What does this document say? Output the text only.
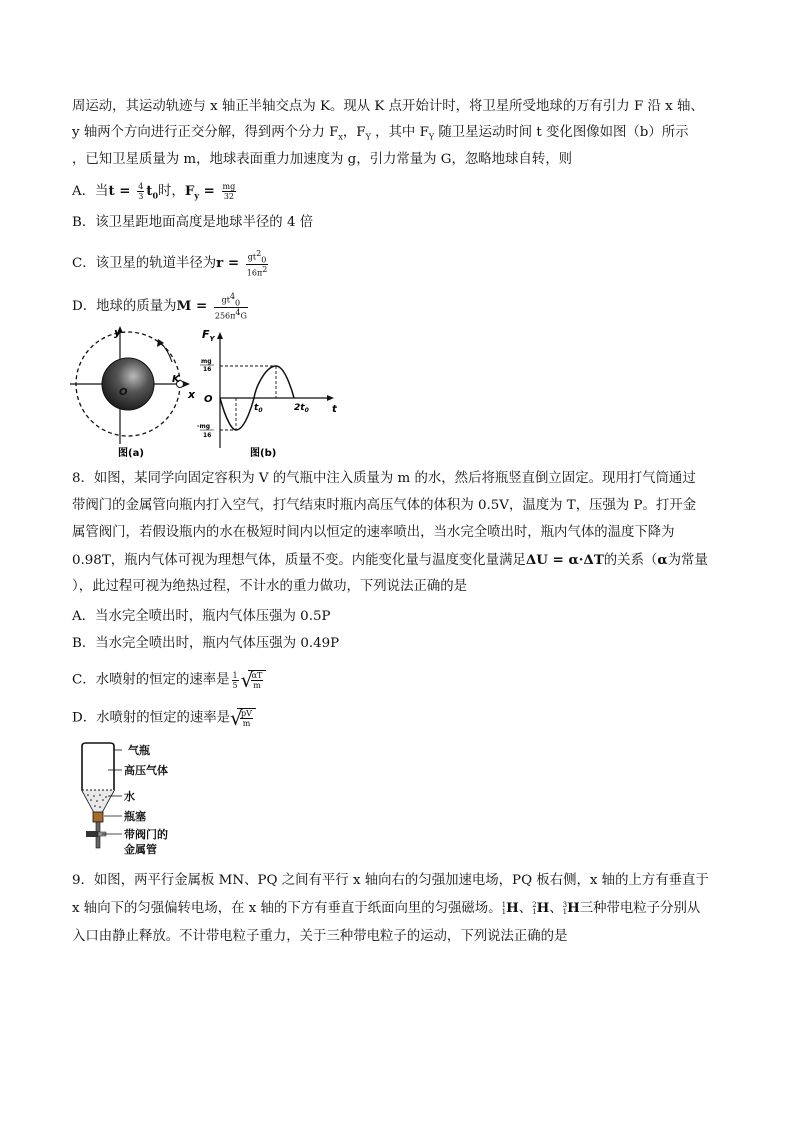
周运动，其运动轨迹与 x 轴正半轴交点为 K。现从 K 点开始计时，将卫星所受地球的万有引力 F 沿 x 轴、
y 轴两个方向进行正交分解，得到两个分力 $F_x$，$F_Y$ ，其中 $F_Y$ 随卫星运动时间 t 变化图像如图（b）所示
，已知卫星质量为 m，地球表面重力加速度为 g，引力常量为 G，忽略地球自转，则
A．当$t = \frac{4}{3} t_0$时，$F_y = \frac{mg}{32}$
B．该卫星距地面高度是地球半径的 4 倍
C．该卫星的轨道半径为$r = \frac{gt^2_0}{16\pi^2}$
D．地球的质量为$M = \frac{gt^4_0}{256\pi^4G}$
y
x
O
K
图(a)
$F_Y$
mg
16
-mg
16
O
$t_0$	$2t_0$ t
图(b)
8．如图，某同学向固定容积为 V 的气瓶中注入质量为 m 的水，然后将瓶竖直倒立固定。现用打气筒通过
带阀门的金属管向瓶内打入空气，打气结束时瓶内高压气体的体积为 0.5V，温度为 T，压强为 P。打开金
属管阀门，若假设瓶内的水在极短时间内以恒定的速率喷出，当水完全喷出时，瓶内气体的温度下降为
0.98T，瓶内气体可视为理想气体，质量不变。内能变化量与温度变化量满足ΔU = α·ΔT的关系（α为常量
），此过程可视为绝热过程，不计水的重力做功，下列说法正确的是
A．当水完全喷出时，瓶内气体压强为 0.5P
B．当水完全喷出时，瓶内气体压强为 0.49P
C．水喷射的恒定的速率是 $\frac{1}{5}$ √
$\frac{\alpha T}{m}$
D．水喷射的恒定的速率是 √
$\frac{pV}{m}$
气瓶
高压气体
水
瓶塞
带阀门的
金属管
9．如图，两平行金属板 MN、PQ 之间有平行 x 轴向右的匀强加速电场，PQ 板右侧，x 轴的上方有垂直于
x 轴向下的匀强偏转电场，在 x 轴的下方有垂直于纸面向里的匀强磁场。 1
1 H、 2
1 H、 3
1 H三种带电粒子分别从
入口由静止释放。不计带电粒子重力，关于三种带电粒子的运动，下列说法正确的是
